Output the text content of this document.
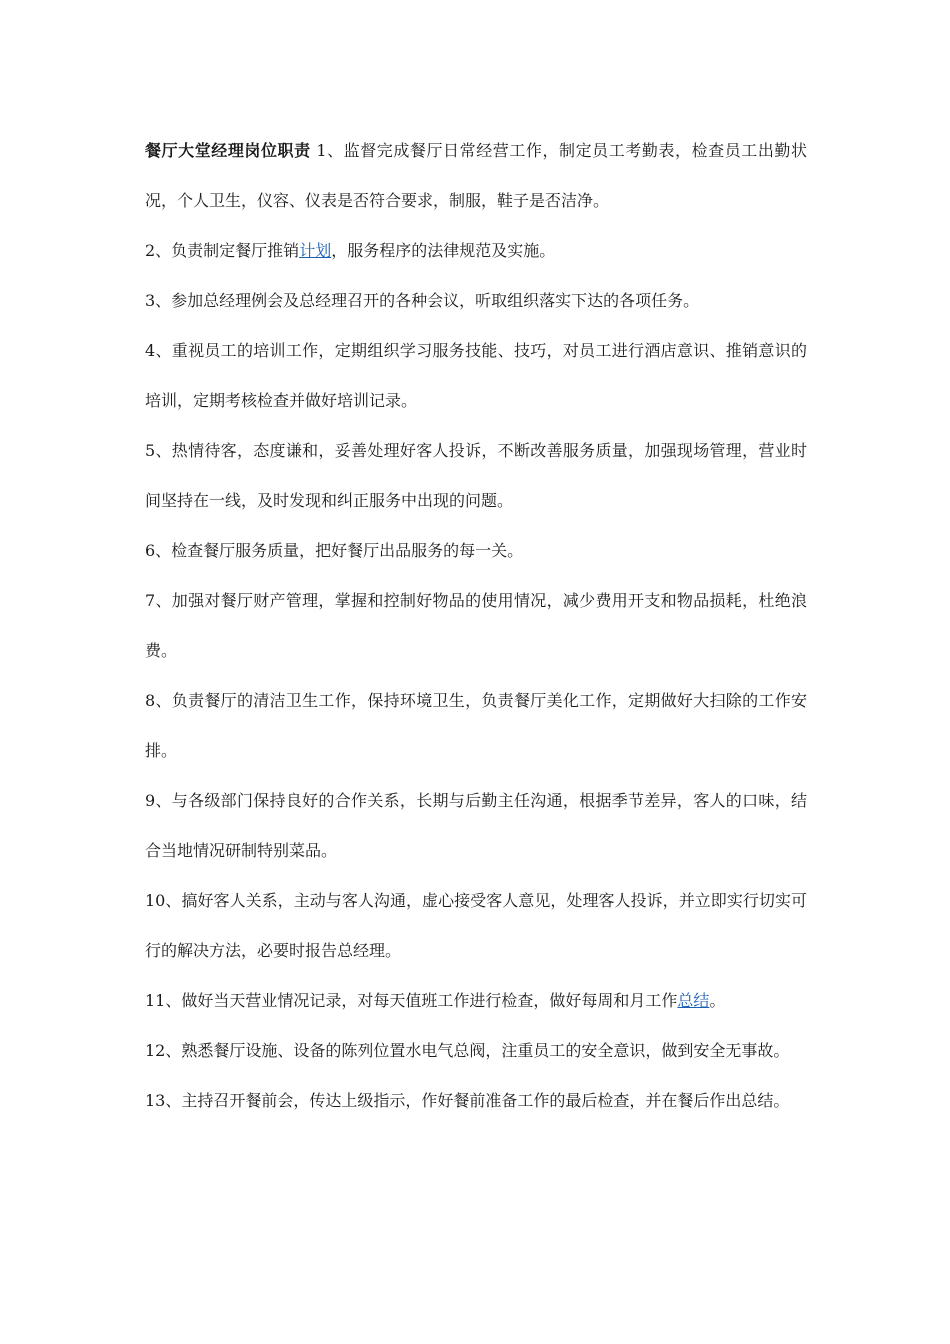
餐厅大堂经理岗位职责 1、监督完成餐厅日常经营工作，制定员工考勤表，检查员工出勤状况，个人卫生，仪容、仪表是否符合要求，制服，鞋子是否洁净。

2、负责制定餐厅推销计划，服务程序的法律规范及实施。

3、参加总经理例会及总经理召开的各种会议，听取组织落实下达的各项任务。

4、重视员工的培训工作，定期组织学习服务技能、技巧，对员工进行酒店意识、推销意识的培训，定期考核检查并做好培训记录。

5、热情待客，态度谦和，妥善处理好客人投诉，不断改善服务质量，加强现场管理，营业时间坚持在一线，及时发现和纠正服务中出现的问题。

6、检查餐厅服务质量，把好餐厅出品服务的每一关。

7、加强对餐厅财产管理，掌握和控制好物品的使用情况，减少费用开支和物品损耗，杜绝浪费。

8、负责餐厅的清洁卫生工作，保持环境卫生，负责餐厅美化工作，定期做好大扫除的工作安排。

9、与各级部门保持良好的合作关系，长期与后勤主任沟通，根据季节差异，客人的口味，结合当地情况研制特别菜品。

10、搞好客人关系，主动与客人沟通，虚心接受客人意见，处理客人投诉，并立即实行切实可行的解决方法，必要时报告总经理。

11、做好当天营业情况记录，对每天值班工作进行检查，做好每周和月工作总结。

12、熟悉餐厅设施、设备的陈列位置水电气总阀，注重员工的安全意识，做到安全无事故。

13、主持召开餐前会，传达上级指示，作好餐前准备工作的最后检查，并在餐后作出总结。
